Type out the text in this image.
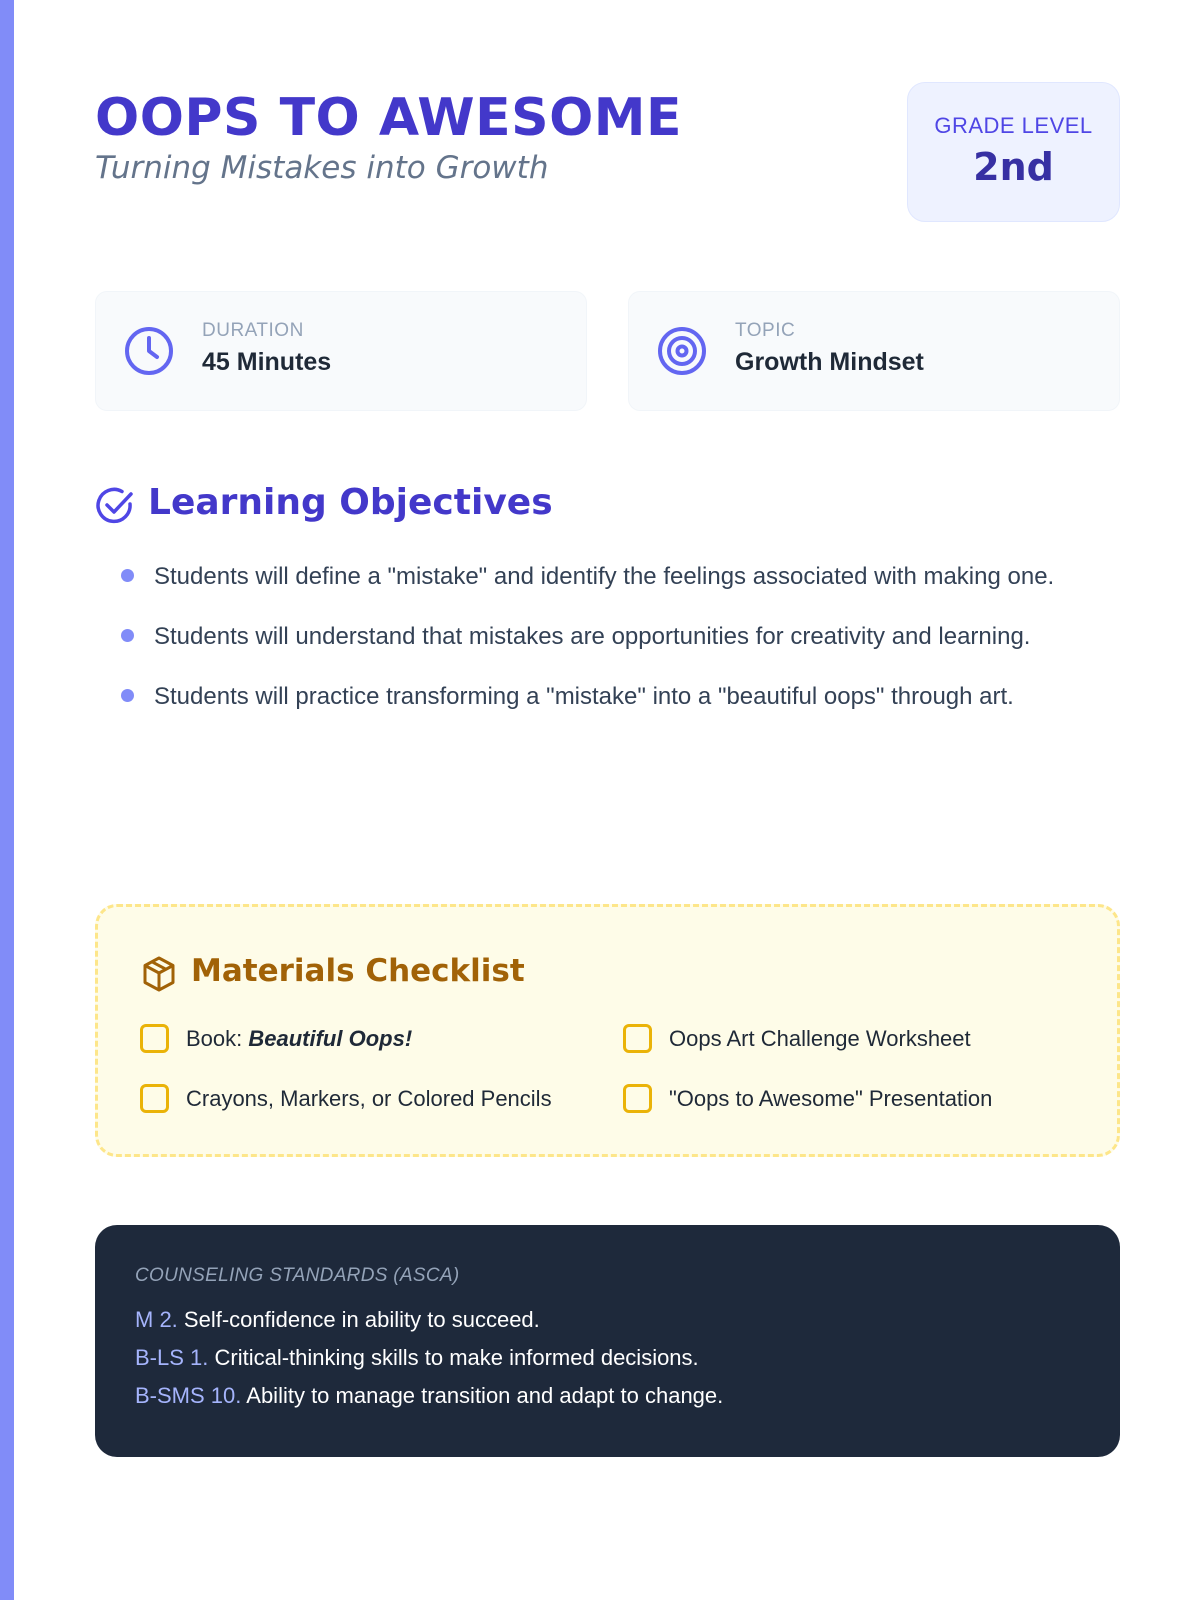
OOPS TO AWESOME
Turning Mistakes into Growth
GRADE LEVEL
2nd
DURATION
45 Minutes
TOPIC
Growth Mindset
Learning Objectives
Students will define a "mistake" and identify the feelings associated with making one.
Students will understand that mistakes are opportunities for creativity and learning.
Students will practice transforming a "mistake" into a "beautiful oops" through art.
Materials Checklist
Book: Beautiful Oops!	Oops Art Challenge Worksheet
Crayons, Markers, or Colored Pencils	"Oops to Awesome" Presentation
COUNSELING STANDARDS (ASCA)
M 2. Self-confidence in ability to succeed.
B-LS 1. Critical-thinking skills to make informed decisions.
B-SMS 10. Ability to manage transition and adapt to change.
